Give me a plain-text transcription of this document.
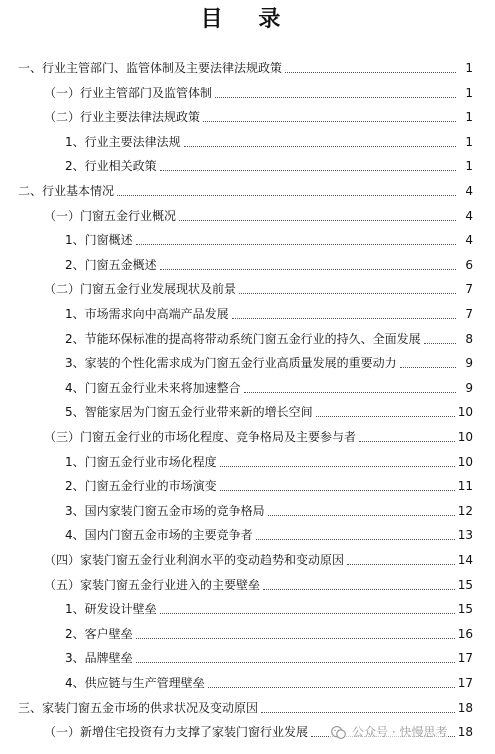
目 录
一、行业主管部门、监管体制及主要法律法规政策	1
（一）行业主管部门及监管体制	1
（二）行业主要法律法规政策	1
1、行业主要法律法规	1
2、行业相关政策	1
二、行业基本情况	4
（一）门窗五金行业概况	4
1、门窗概述	4
2、门窗五金概述	6
（二）门窗五金行业发展现状及前景	7
1、市场需求向中高端产品发展	7
2、节能环保标准的提高将带动系统门窗五金行业的持久、全面发展	8
3、家装的个性化需求成为门窗五金行业高质量发展的重要动力	9
4、门窗五金行业未来将加速整合	9
5、智能家居为门窗五金行业带来新的增长空间	10
（三）门窗五金行业的市场化程度、竞争格局及主要参与者	10
1、门窗五金行业市场化程度	10
2、门窗五金行业的市场演变	11
3、国内家装门窗五金市场的竞争格局	12
4、国内门窗五金市场的主要竞争者	13
（四）家装门窗五金行业利润水平的变动趋势和变动原因	14
（五）家装门窗五金行业进入的主要壁垒	15
1、研发设计壁垒	15
2、客户壁垒	16
3、品牌壁垒	17
4、供应链与生产管理壁垒	17
三、家装门窗五金市场的供求状况及变动原因	18
（一）新增住宅投资有力支撑了家装门窗行业发展	18
公众号 · 快慢思考
